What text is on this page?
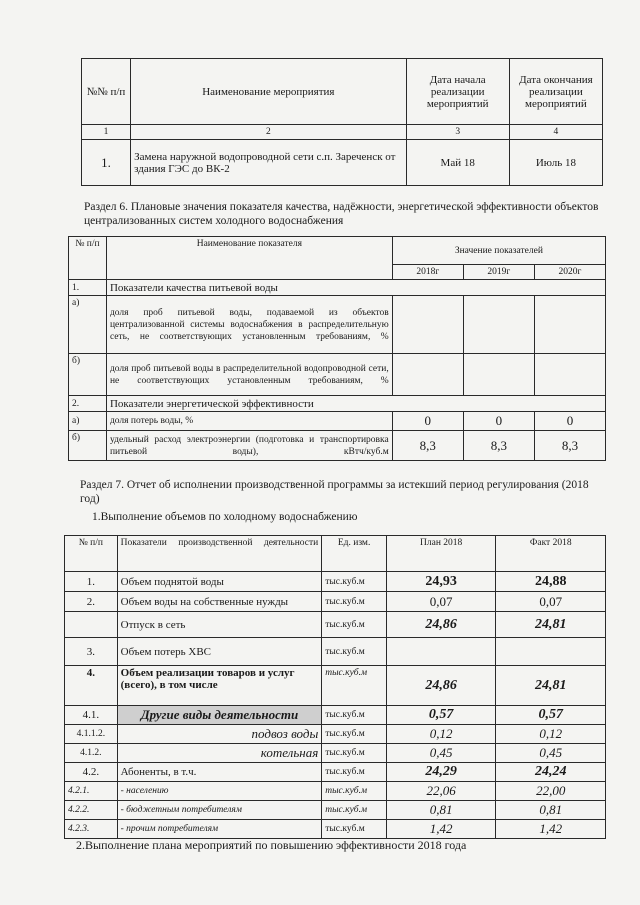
№№ п/п	Наименование мероприятия	Дата начала реализации мероприятий	Дата окончания реализации мероприятий
1	2	3	4
1.	Замена наружной водопроводной сети с.п. Зареченск от здания ГЭС до ВК-2	Май 18	Июль 18
Раздел 6. Плановые значения показателя качества, надёжности, энергетической эффективности объектов централизованных систем холодного водоснабжения
№ п/п	Наименование показателя	Значение показателей		
		2018г	2019г	2020г
1.	Показатели качества питьевой воды			
а)	доля проб питьевой воды, подаваемой из объектов централизованной системы водоснабжения в распределительную сеть, не соответствующих установленным требованиям, %			
б)	доля проб питьевой воды в распределительной водопроводной сети, не соответствующих установленным требованиям, %			
2.	Показатели энергетической эффективности			
а)	доля потерь воды, %	0	0	0
б)	удельный расход электроэнергии (подготовка и транспортировка питьевой воды), кВтч/куб.м	8,3	8,3	8,3
Раздел 7. Отчет об исполнении производственной программы за истекший период регулирования (2018 год)
1.Выполнение объемов по холодному водоснабжению
№ п/п	Показатели производственной деятельности	Ед. изм.	План 2018	Факт 2018
1.	Объем поднятой воды	тыс.куб.м	24,93	24,88
2.	Объем воды на собственные нужды	тыс.куб.м	0,07	0,07
	Отпуск в сеть	тыс.куб.м	24,86	24,81
3.	Объем потерь ХВС	тыс.куб.м		
4.	Объем реализации товаров и услуг (всего), в том числе	тыс.куб.м	24,86	24,81
4.1.	Другие виды деятельности	тыс.куб.м	0,57	0,57
4.1.1.2.	подвоз воды	тыс.куб.м	0,12	0,12
4.1.2.	котельная	тыс.куб.м	0,45	0,45
4.2.	Абоненты, в т.ч.	тыс.куб.м	24,29	24,24
4.2.1.	- населению	тыс.куб.м	22,06	22,00
4.2.2.	- бюджетным потребителям	тыс.куб.м	0,81	0,81
4.2.3.	- прочим потребителям	тыс.куб.м	1,42	1,42
2.Выполнение плана мероприятий по повышению эффективности 2018 года
